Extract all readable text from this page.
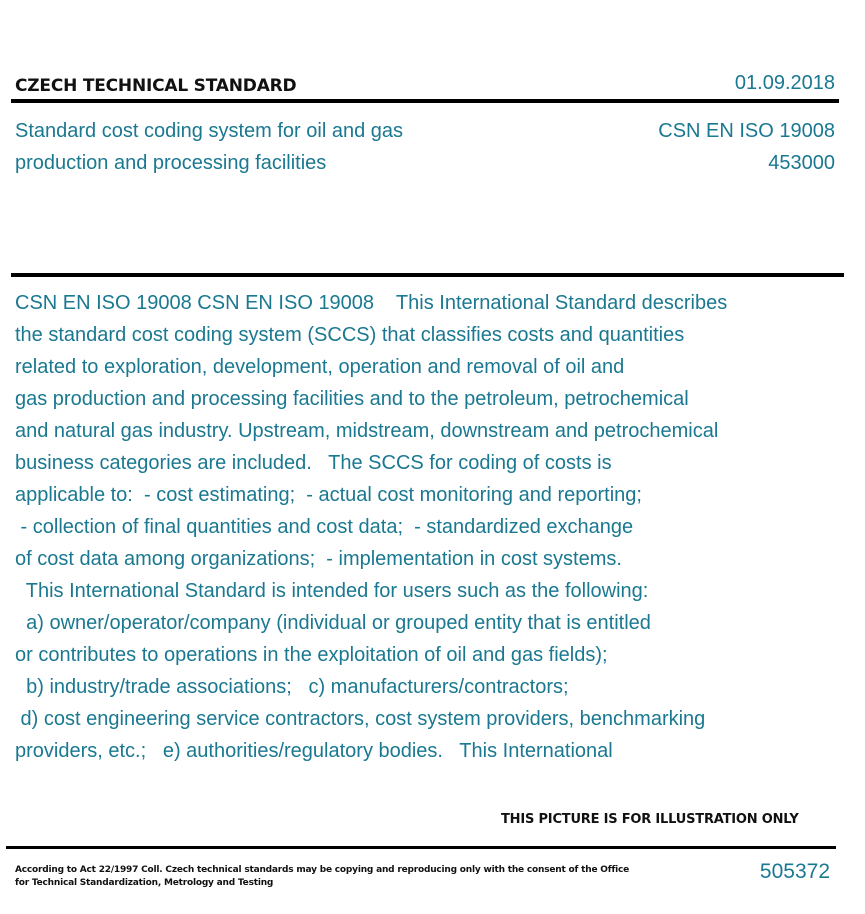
CZECH TECHNICAL STANDARD	01.09.2018
Standard cost coding system for oil and gas
production and processing facilities
CSN EN ISO 19008
453000
CSN EN ISO 19008 CSN EN ISO 19008    This International Standard describes
the standard cost coding system (SCCS) that classifies costs and quantities
related to exploration, development, operation and removal of oil and
gas production and processing facilities and to the petroleum, petrochemical
and natural gas industry. Upstream, midstream, downstream and petrochemical
business categories are included.   The SCCS for coding of costs is
applicable to:  - cost estimating;  - actual cost monitoring and reporting;
- collection of final quantities and cost data;  - standardized exchange
of cost data among organizations;  - implementation in cost systems.
This International Standard is intended for users such as the following:
a) owner/operator/company (individual or grouped entity that is entitled
or contributes to operations in the exploitation of oil and gas fields);
b) industry/trade associations;   c) manufacturers/contractors;
d) cost engineering service contractors, cost system providers, benchmarking
providers, etc.;   e) authorities/regulatory bodies.   This International
THIS PICTURE IS FOR ILLUSTRATION ONLY
According to Act 22/1997 Coll. Czech technical standards may be copying and reproducing only with the consent of the Office
for Technical Standardization, Metrology and Testing	505372
